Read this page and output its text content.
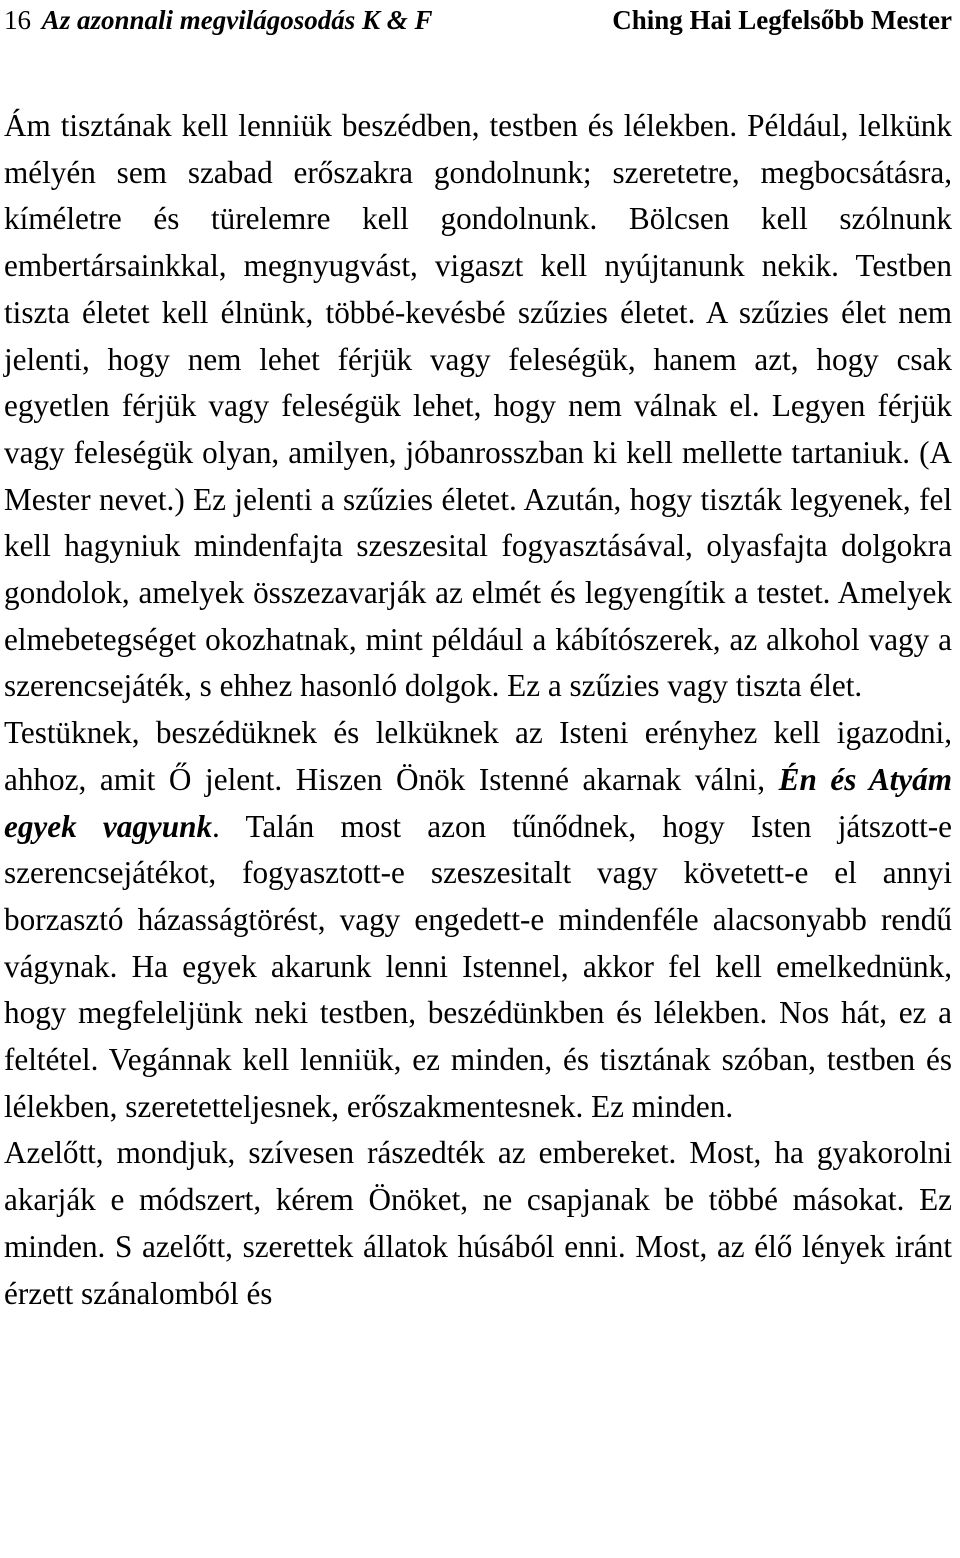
16 Az azonnali megvilágosodás K & F	Ching Hai Legfelsőbb Mester

Ám tisztának kell lenniük beszédben, testben és lélekben. Például, lelkünk mélyén sem szabad erőszakra gondolnunk; szeretetre, megbocsátásra, kíméletre és türelemre kell gondolnunk. Bölcsen kell szólnunk embertársainkkal, megnyugvást, vigaszt kell nyújtanunk nekik. Testben tiszta életet kell élnünk, többé-kevésbé szűzies életet. A szűzies élet nem jelenti, hogy nem lehet férjük vagy feleségük, hanem azt, hogy csak egyetlen férjük vagy feleségük lehet, hogy nem válnak el. Legyen férjük vagy feleségük olyan, amilyen, jóbanrosszban ki kell mellette tartaniuk. (A Mester nevet.) Ez jelenti a szűzies életet. Azután, hogy tiszták legyenek, fel kell hagyniuk mindenfajta szeszesital fogyasztásával, olyasfajta dolgokra gondolok, amelyek összezavarják az elmét és legyengítik a testet. Amelyek elmebetegséget okozhatnak, mint például a kábítószerek, az alkohol vagy a szerencsejáték, s ehhez hasonló dolgok. Ez a szűzies vagy tiszta élet.

Testüknek, beszédüknek és lelküknek az Isteni erényhez kell igazodni, ahhoz, amit Ő jelent. Hiszen Önök Istenné akarnak válni, Én és Atyám egyek vagyunk. Talán most azon tűnődnek, hogy Isten játszott-e szerencsejátékot, fogyasztott-e szeszesitalt vagy követett-e el annyi borzasztó házasságtörést, vagy engedett-e mindenféle alacsonyabb rendű vágynak. Ha egyek akarunk lenni Istennel, akkor fel kell emelkednünk, hogy megfeleljünk neki testben, beszédünkben és lélekben. Nos hát, ez a feltétel. Vegánnak kell lenniük, ez minden, és tisztának szóban, testben és lélekben, szeretetteljesnek, erőszakmentesnek. Ez minden.

Azelőtt, mondjuk, szívesen rászedték az embereket. Most, ha gyakorolni akarják e módszert, kérem Önöket, ne csapjanak be többé másokat. Ez minden. S azelőtt, szerettek állatok húsából enni. Most, az élő lények iránt érzett szánalomból és
